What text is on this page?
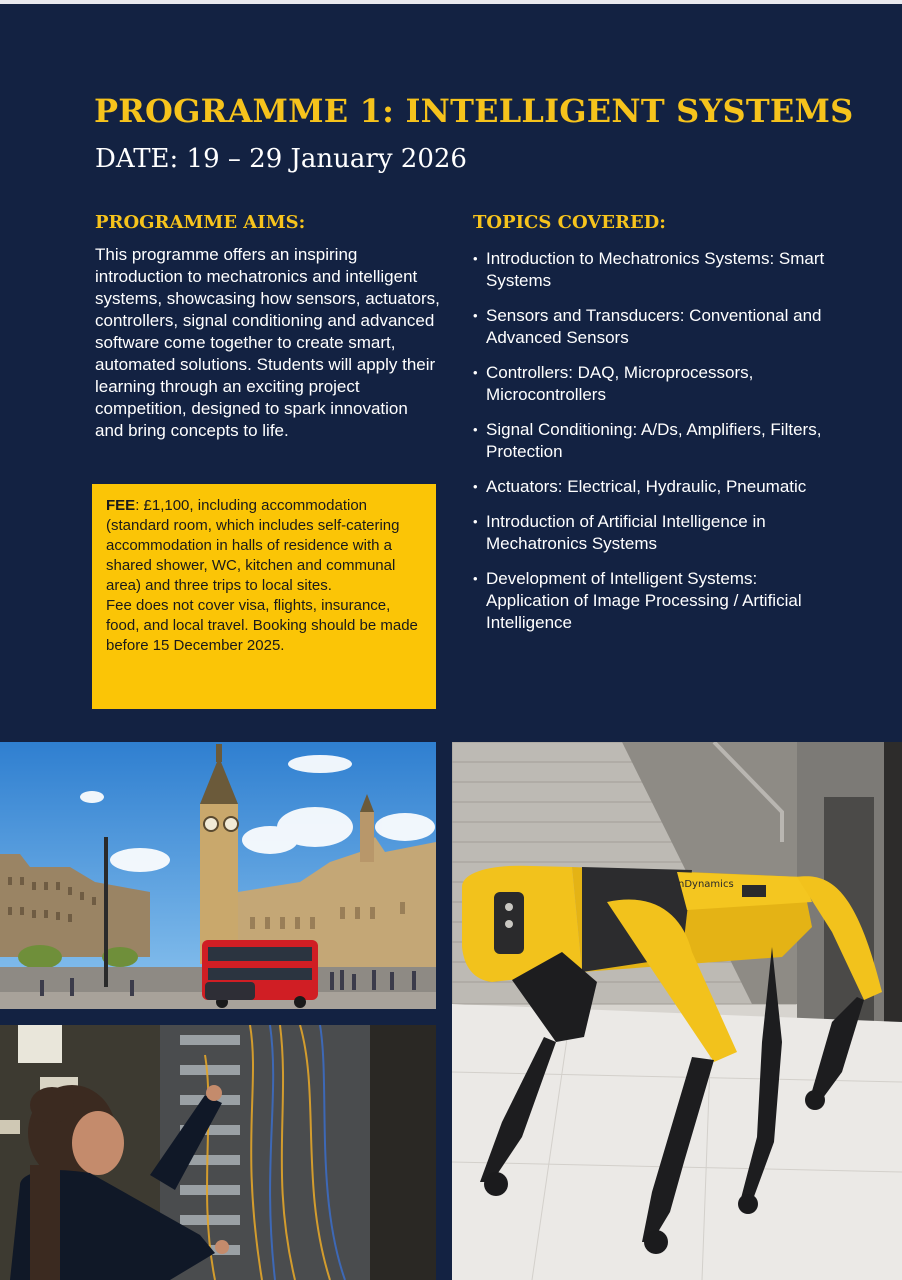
PROGRAMME 1: INTELLIGENT SYSTEMS

DATE: 19 – 29 January 2026

PROGRAMME AIMS:

This programme offers an inspiring introduction to mechatronics and intelligent systems, showcasing how sensors, actuators, controllers, signal conditioning and advanced software come together to create smart, automated solutions. Students will apply their learning through an exciting project competition, designed to spark innovation and bring concepts to life.

FEE: £1,100, including accommodation (standard room, which includes self-catering accommodation in halls of residence with a shared shower, WC, kitchen and communal area) and three trips to local sites.
Fee does not cover visa, flights, insurance, food, and local travel. Booking should be made before 15 December 2025.
TOPICS COVERED:
• Introduction to Mechatronics Systems: Smart Systems
• Sensors and Transducers: Conventional and Advanced Sensors
• Controllers: DAQ, Microprocessors, Microcontrollers
• Signal Conditioning: A/Ds, Amplifiers, Filters, Protection
• Actuators: Electrical, Hydraulic, Pneumatic
• Introduction of Artificial Intelligence in Mechatronics Systems
• Development of Intelligent Systems: Application of Image Processing / Artificial Intelligence
nDynamics
